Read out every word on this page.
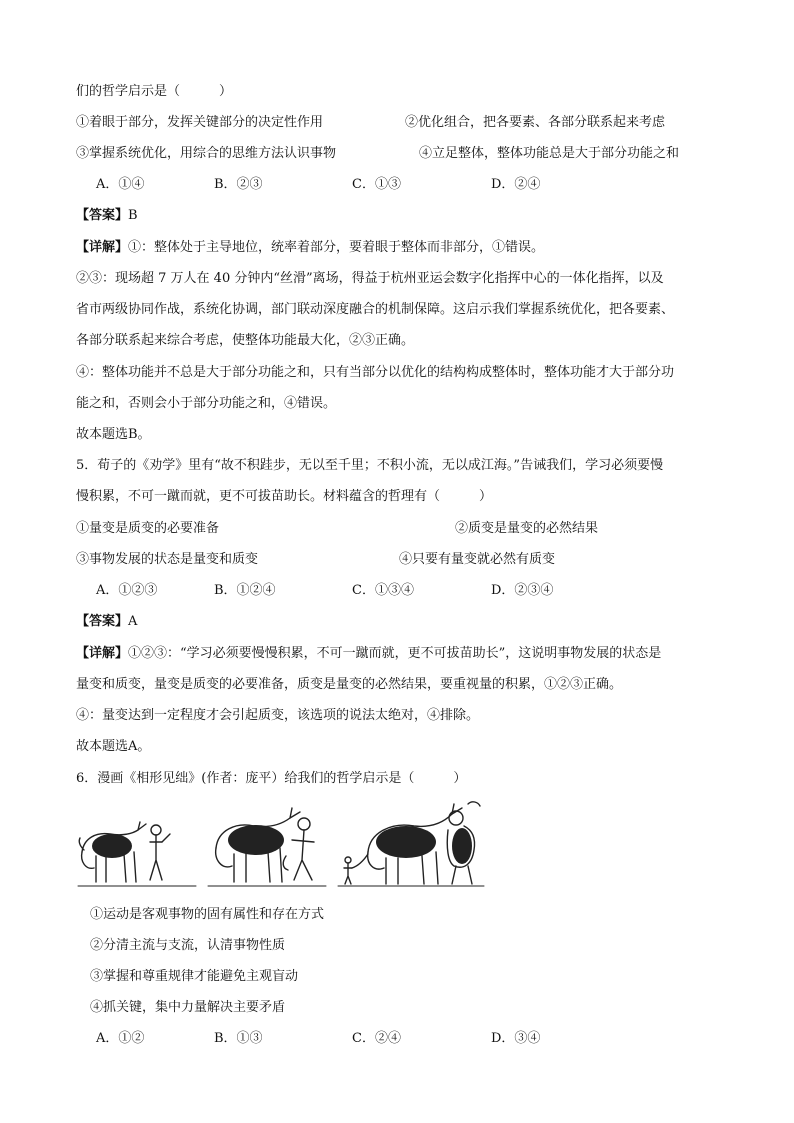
们的哲学启示是（　　　）
①着眼于部分，发挥关键部分的决定性作用	②优化组合，把各要素、各部分联系起来考虑
③掌握系统优化，用综合的思维方法认识事物	④立足整体，整体功能总是大于部分功能之和
A．①④	B．②③	C．①③	D．②④
【答案】B
【详解】①：整体处于主导地位，统率着部分，要着眼于整体而非部分，①错误。
②③：现场超 7 万人在 40 分钟内“丝滑”离场，得益于杭州亚运会数字化指挥中心的一体化指挥，以及
省市两级协同作战，系统化协调，部门联动深度融合的机制保障。这启示我们掌握系统优化，把各要素、
各部分联系起来综合考虑，使整体功能最大化，②③正确。
④：整体功能并不总是大于部分功能之和，只有当部分以优化的结构构成整体时，整体功能才大于部分功
能之和，否则会小于部分功能之和，④错误。
故本题选B。
5．荀子的《劝学》里有“故不积跬步，无以至千里；不积小流，无以成江海。”告诫我们，学习必须要慢
慢积累，不可一蹴而就，更不可拔苗助长。材料蕴含的哲理有（　　　）
①量变是质变的必要准备	②质变是量变的必然结果
③事物发展的状态是量变和质变	④只要有量变就必然有质变
A．①②③	B．①②④	C．①③④	D．②③④
【答案】A
【详解】①②③：“学习必须要慢慢积累，不可一蹴而就，更不可拔苗助长”，这说明事物发展的状态是
量变和质变，量变是质变的必要准备，质变是量变的必然结果，要重视量的积累，①②③正确。
④：量变达到一定程度才会引起质变，该选项的说法太绝对，④排除。
故本题选A。
6．漫画《相形见绌》(作者：庞平）给我们的哲学启示是（　　　）
①运动是客观事物的固有属性和存在方式
②分清主流与支流，认清事物性质
③掌握和尊重规律才能避免主观盲动
④抓关键，集中力量解决主要矛盾
A．①②	B．①③	C．②④	D．③④
